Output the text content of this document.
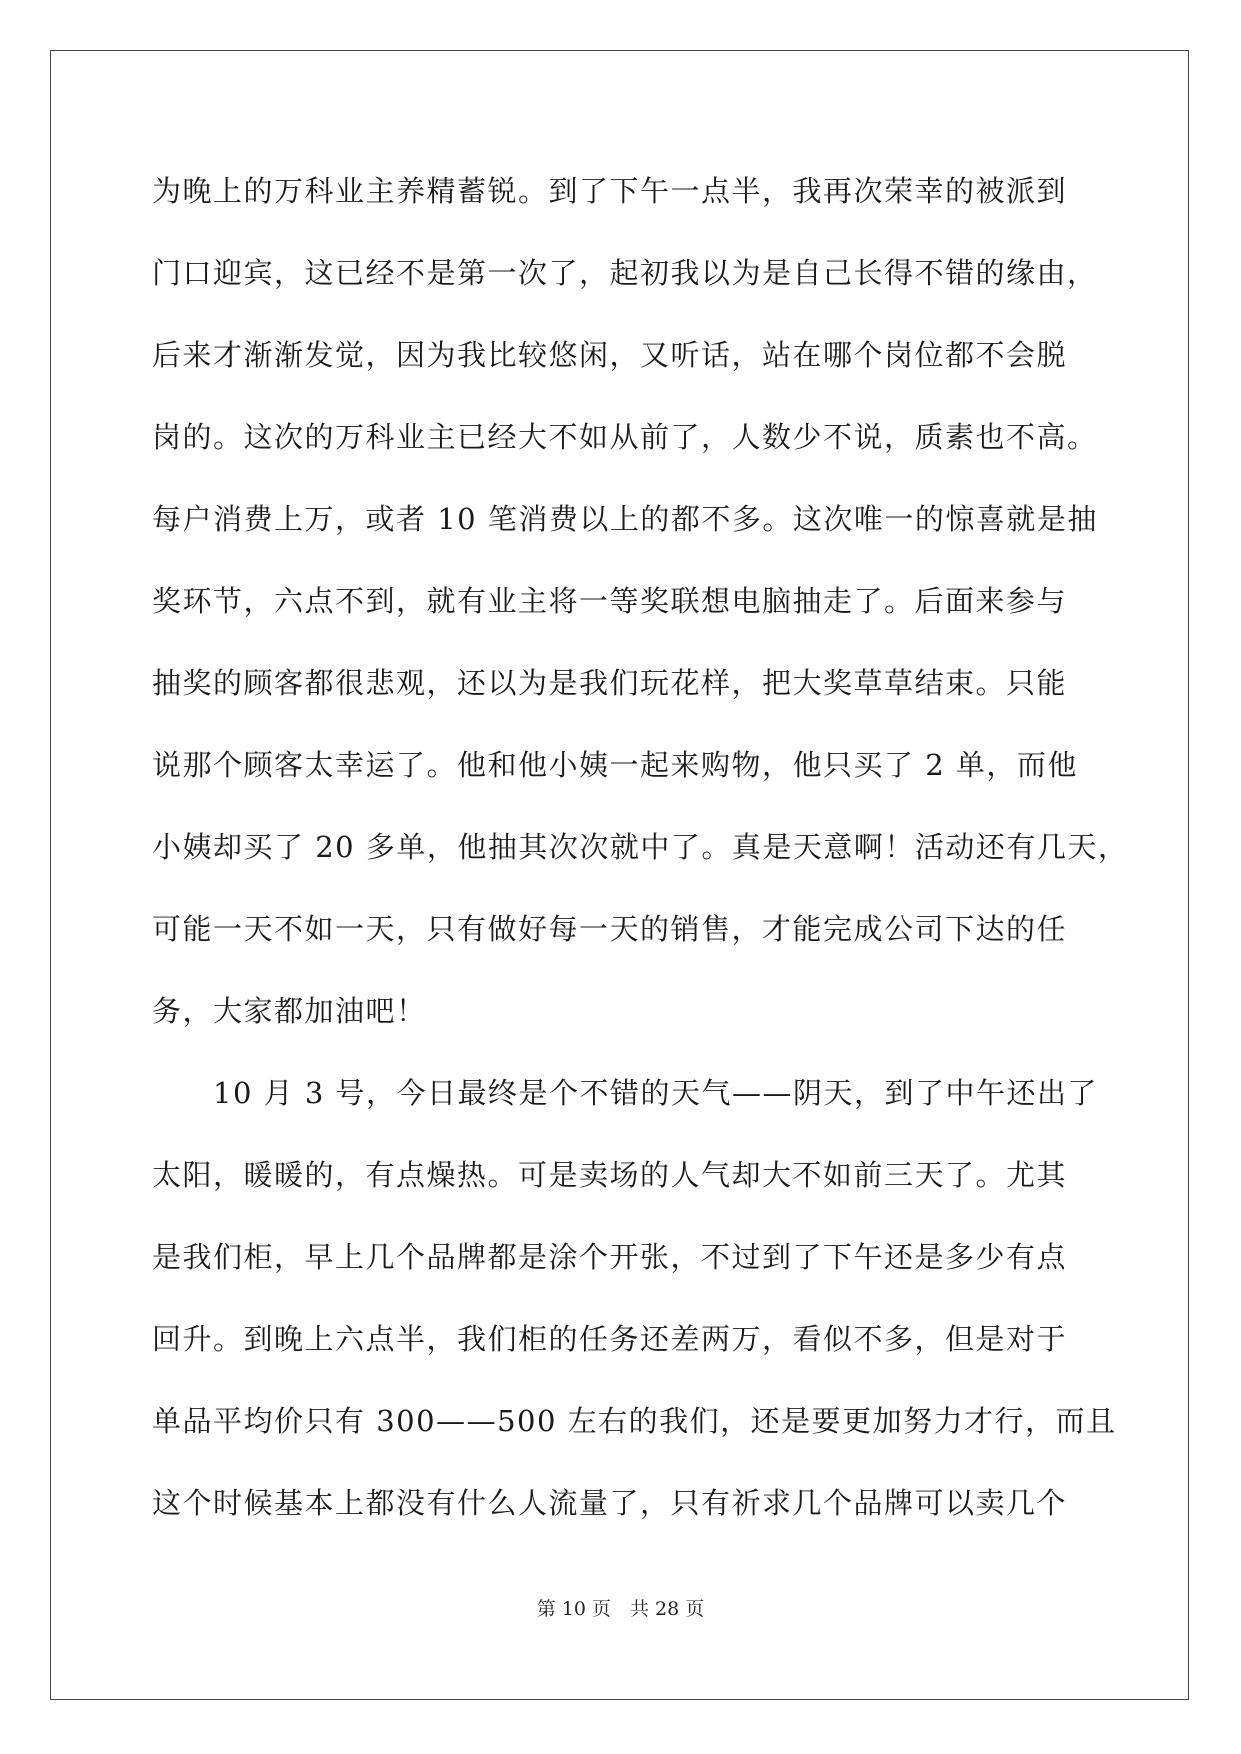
为晚上的万科业主养精蓄锐。到了下午一点半，我再次荣幸的被派到
门口迎宾，这已经不是第一次了，起初我以为是自己长得不错的缘由，
后来才渐渐发觉，因为我比较悠闲，又听话，站在哪个岗位都不会脱
岗的。这次的万科业主已经大不如从前了，人数少不说，质素也不高。
每户消费上万，或者 10 笔消费以上的都不多。这次唯一的惊喜就是抽
奖环节，六点不到，就有业主将一等奖联想电脑抽走了。后面来参与
抽奖的顾客都很悲观，还以为是我们玩花样，把大奖草草结束。只能
说那个顾客太幸运了。他和他小姨一起来购物，他只买了 2 单，而他
小姨却买了 20 多单，他抽其次次就中了。真是天意啊！活动还有几天，
可能一天不如一天，只有做好每一天的销售，才能完成公司下达的任
务，大家都加油吧！
　　10 月 3 号，今日最终是个不错的天气——阴天，到了中午还出了
太阳，暖暖的，有点燥热。可是卖场的人气却大不如前三天了。尤其
是我们柜，早上几个品牌都是涂个开张，不过到了下午还是多少有点
回升。到晚上六点半，我们柜的任务还差两万，看似不多，但是对于
单品平均价只有 300——500 左右的我们，还是要更加努力才行，而且
这个时候基本上都没有什么人流量了，只有祈求几个品牌可以卖几个
第 10 页　共 28 页
